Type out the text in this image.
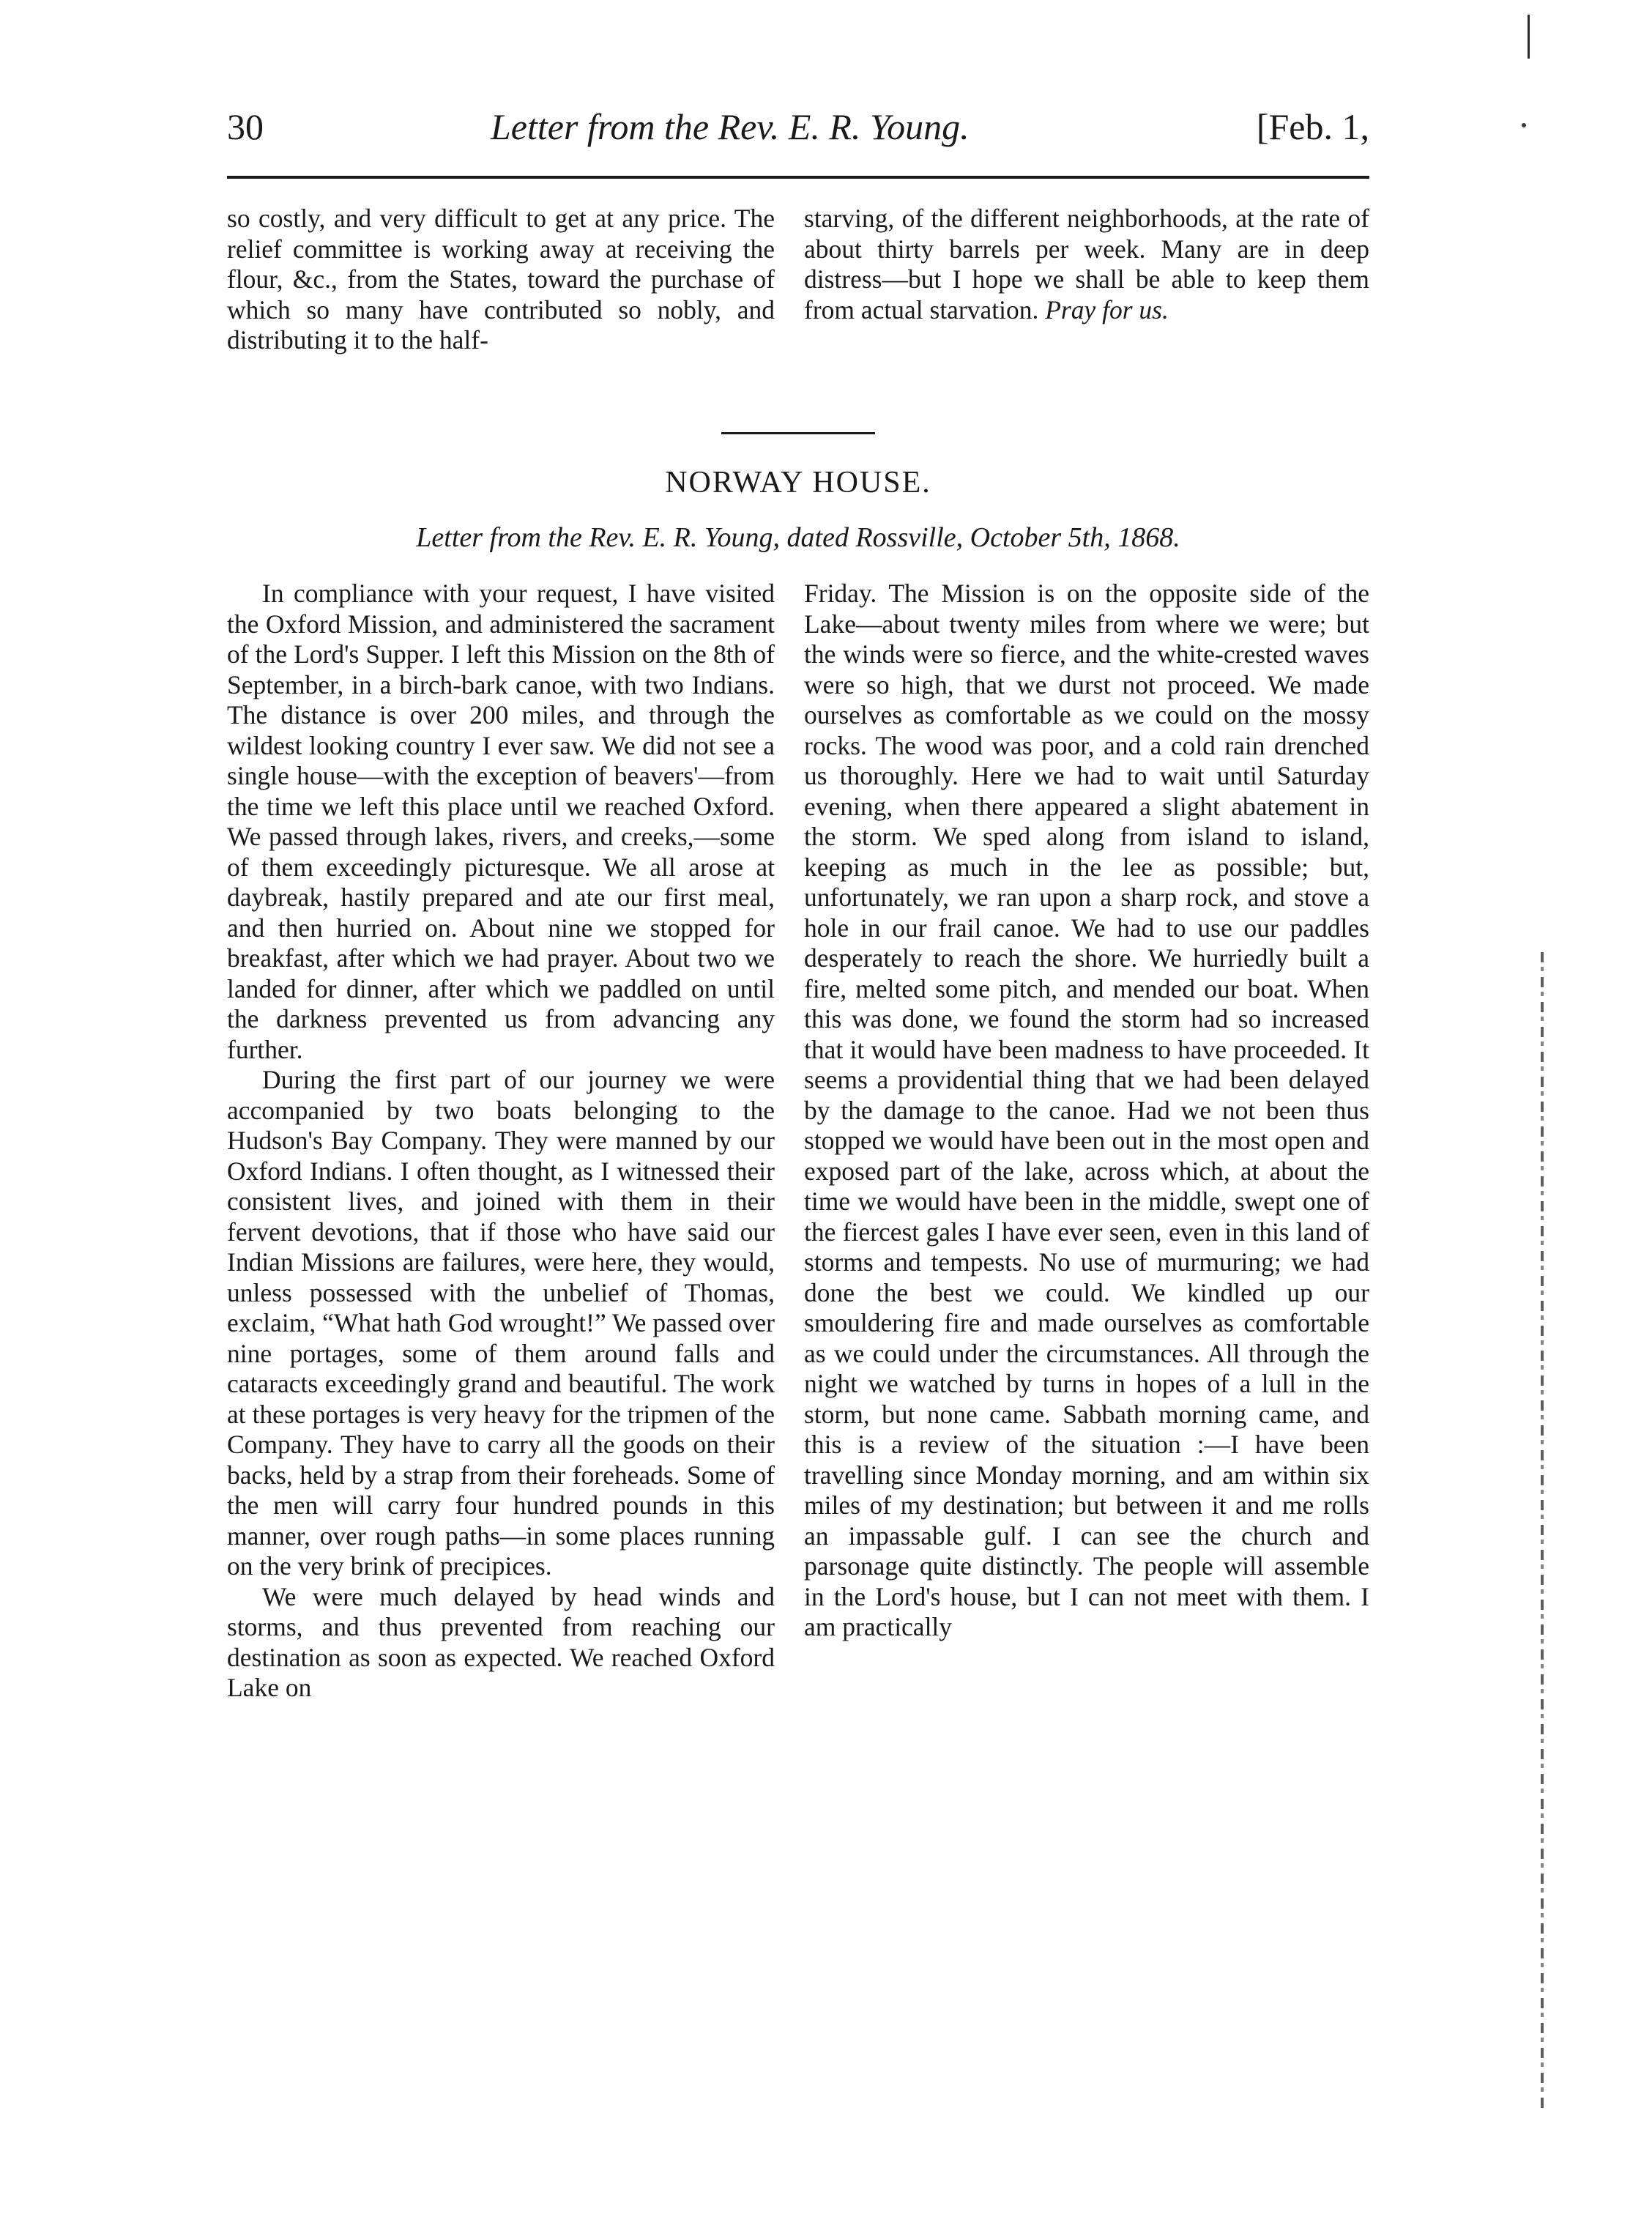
30	Letter from the Rev. E. R. Young.	[Feb. 1,

so costly, and very difficult to get at any price. The relief committee is working away at receiving the flour, &c., from the States, toward the purchase of which so many have contributed so nobly, and distributing it to the half-

starving, of the different neighborhoods, at the rate of about thirty barrels per week. Many are in deep distress—but I hope we shall be able to keep them from actual starvation. Pray for us.

NORWAY HOUSE.
Letter from the Rev. E. R. Young, dated Rossville, October 5th, 1868.

In compliance with your request, I have visited the Oxford Mission, and administered the sacrament of the Lord's Supper. I left this Mission on the 8th of September, in a birch-bark canoe, with two Indians. The distance is over 200 miles, and through the wildest looking country I ever saw. We did not see a single house—with the exception of beavers'—from the time we left this place until we reached Oxford. We passed through lakes, rivers, and creeks,—some of them exceedingly picturesque. We all arose at daybreak, hastily prepared and ate our first meal, and then hurried on. About nine we stopped for breakfast, after which we had prayer. About two we landed for dinner, after which we paddled on until the darkness prevented us from advancing any further.

During the first part of our journey we were accompanied by two boats belonging to the Hudson's Bay Company. They were manned by our Oxford Indians. I often thought, as I witnessed their consistent lives, and joined with them in their fervent devotions, that if those who have said our Indian Missions are failures, were here, they would, unless possessed with the unbelief of Thomas, exclaim, “What hath God wrought!” We passed over nine portages, some of them around falls and cataracts exceedingly grand and beautiful. The work at these portages is very heavy for the tripmen of the Company. They have to carry all the goods on their backs, held by a strap from their foreheads. Some of the men will carry four hundred pounds in this manner, over rough paths—in some places running on the very brink of precipices.

We were much delayed by head winds and storms, and thus prevented from reaching our destination as soon as expected. We reached Oxford Lake on

Friday. The Mission is on the opposite side of the Lake—about twenty miles from where we were; but the winds were so fierce, and the white-crested waves were so high, that we durst not proceed. We made ourselves as comfortable as we could on the mossy rocks. The wood was poor, and a cold rain drenched us thoroughly. Here we had to wait until Saturday evening, when there appeared a slight abatement in the storm. We sped along from island to island, keeping as much in the lee as possible; but, unfortunately, we ran upon a sharp rock, and stove a hole in our frail canoe. We had to use our paddles desperately to reach the shore. We hurriedly built a fire, melted some pitch, and mended our boat. When this was done, we found the storm had so increased that it would have been madness to have proceeded. It seems a providential thing that we had been delayed by the damage to the canoe. Had we not been thus stopped we would have been out in the most open and exposed part of the lake, across which, at about the time we would have been in the middle, swept one of the fiercest gales I have ever seen, even in this land of storms and tempests. No use of murmuring; we had done the best we could. We kindled up our smouldering fire and made ourselves as comfortable as we could under the circumstances. All through the night we watched by turns in hopes of a lull in the storm, but none came. Sabbath morning came, and this is a review of the situation :—I have been travelling since Monday morning, and am within six miles of my destination; but between it and me rolls an impassable gulf. I can see the church and parsonage quite distinctly. The people will assemble in the Lord's house, but I can not meet with them. I am practically
